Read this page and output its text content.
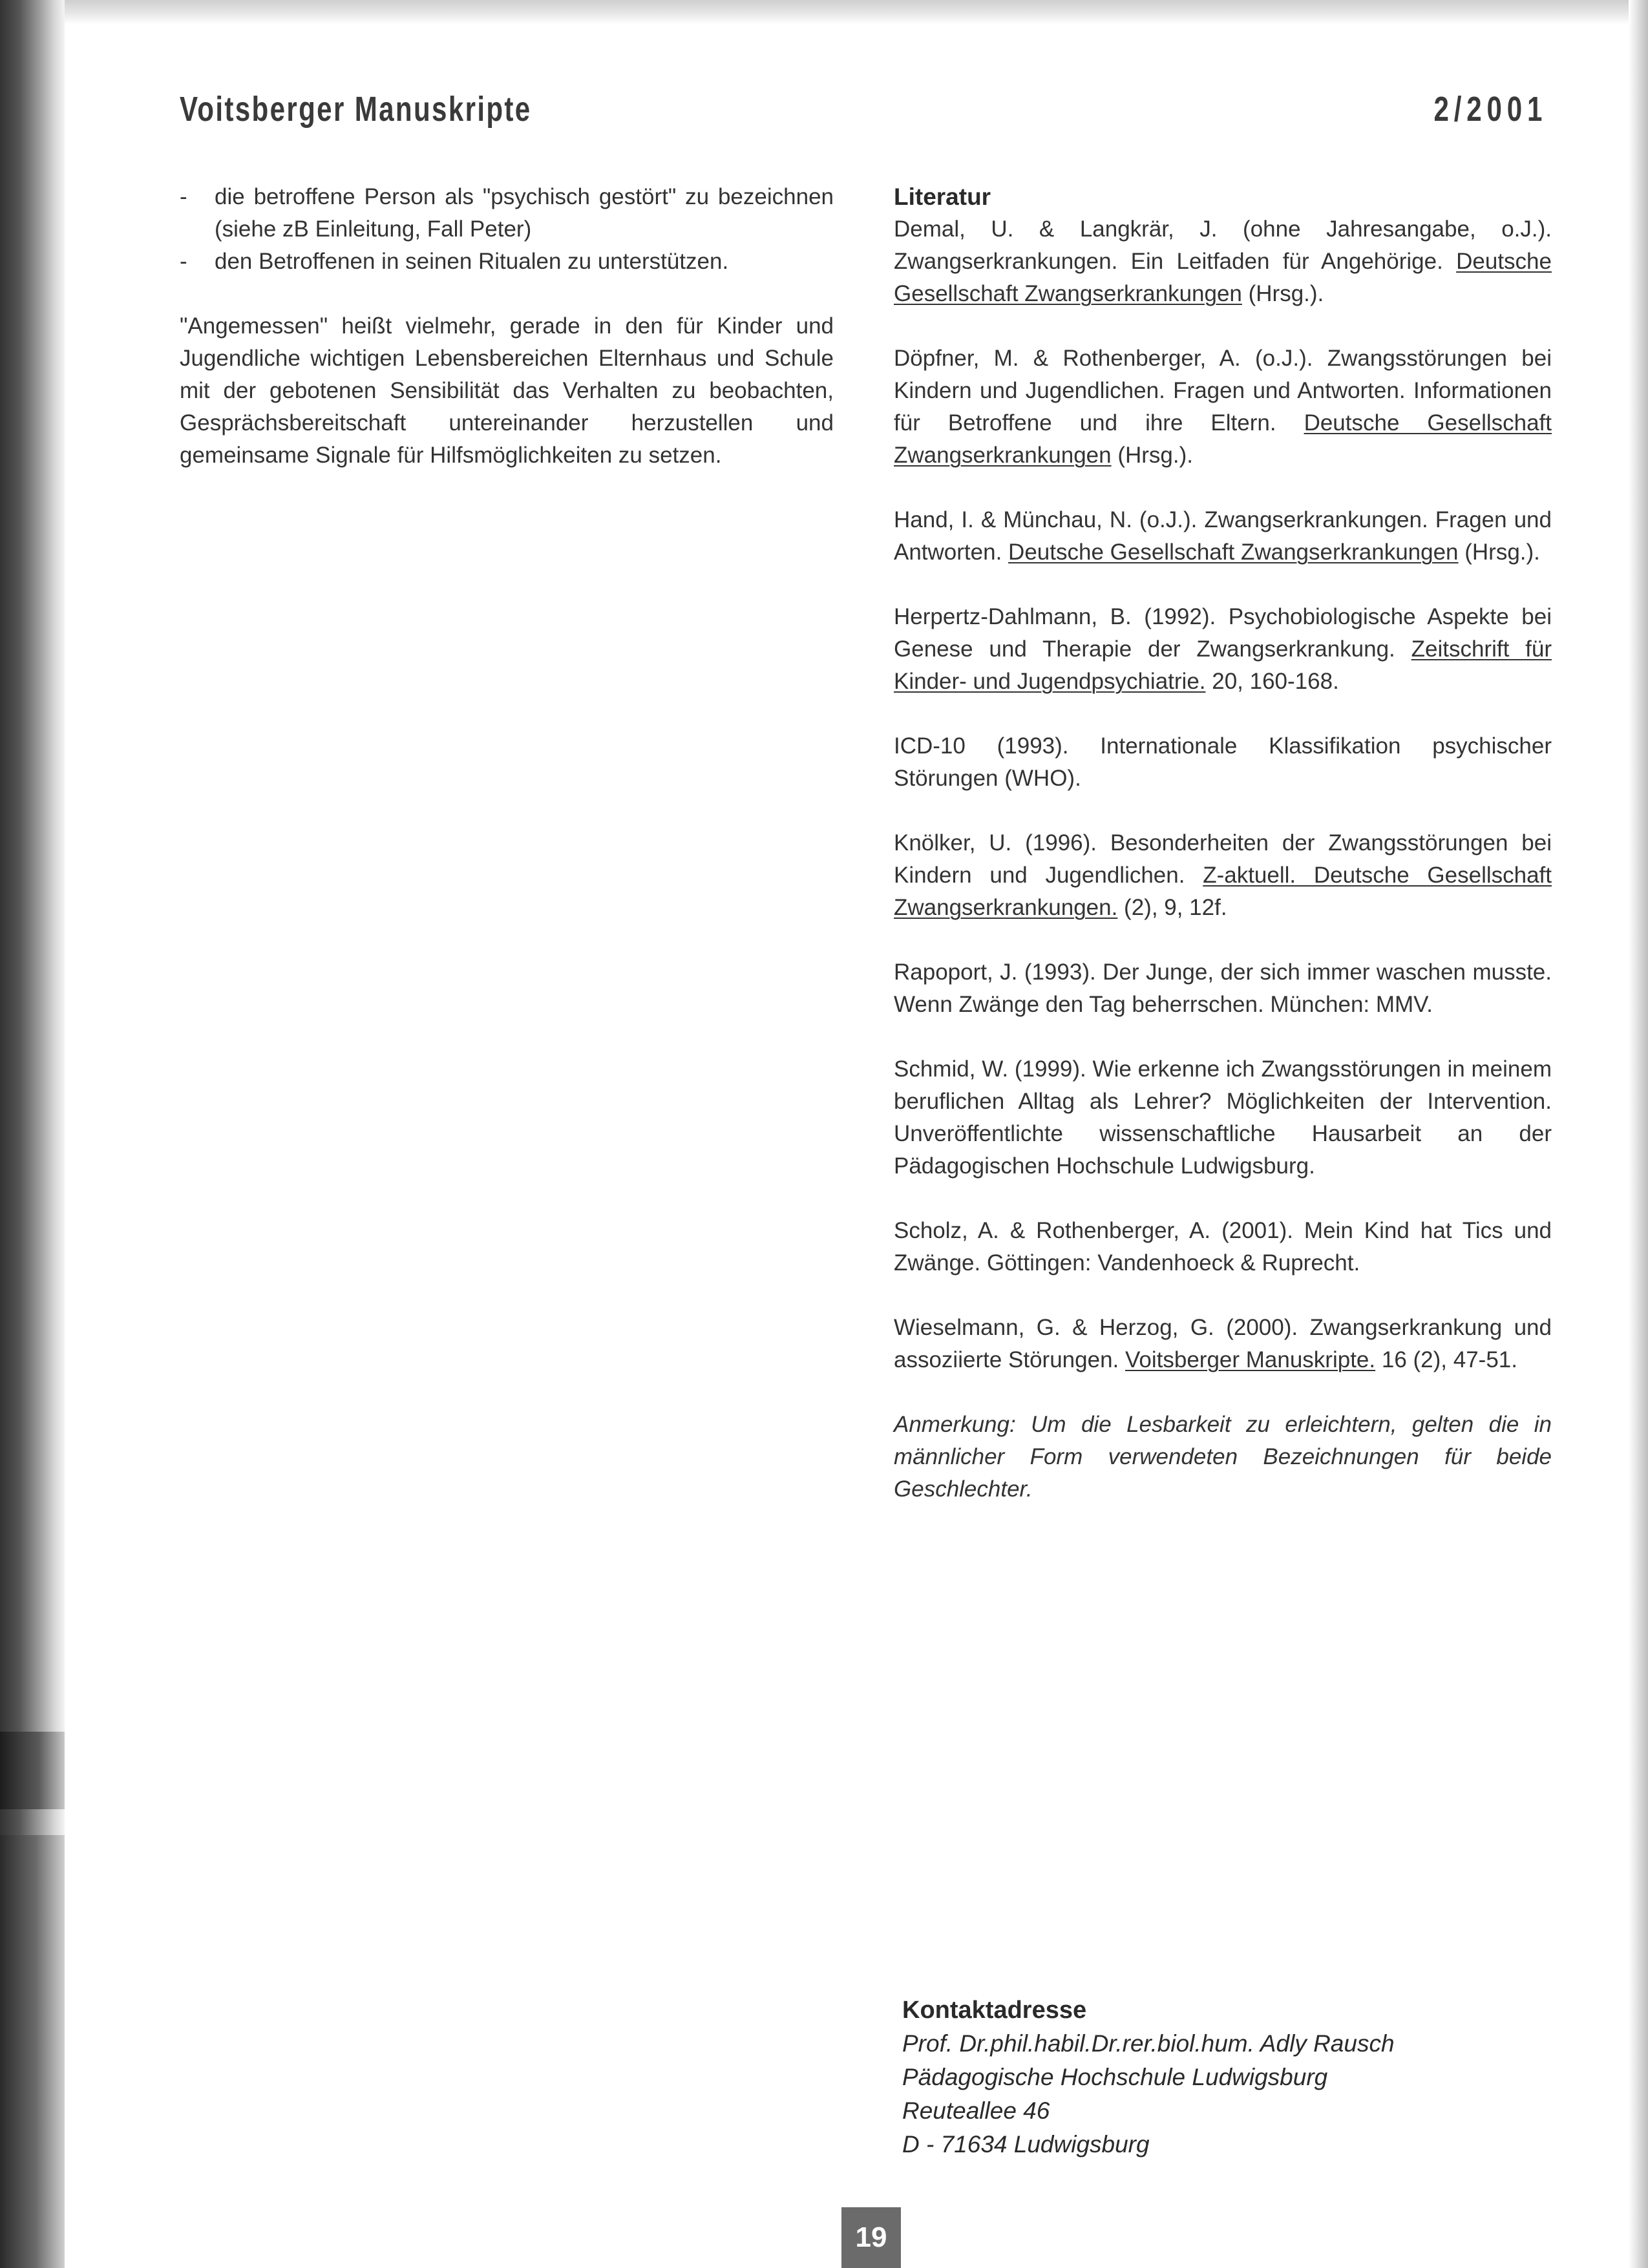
Voitsberger Manuskripte	2/2001

- die betroffene Person als "psychisch gestört" zu bezeichnen (siehe zB Einleitung, Fall Peter)

- den Betroffenen in seinen Ritualen zu unterstützen.

"Angemessen" heißt vielmehr, gerade in den für Kinder und Jugendliche wichtigen Lebensbereichen Elternhaus und Schule mit der gebotenen Sensibilität das Verhalten zu beobachten, Gesprächsbereitschaft untereinander herzustellen und gemeinsame Signale für Hilfsmöglichkeiten zu setzen.

Literatur

Demal, U. & Langkrär, J. (ohne Jahresangabe, o.J.). Zwangserkrankungen. Ein Leitfaden für Angehörige. Deutsche Gesellschaft Zwangserkrankungen (Hrsg.).

Döpfner, M. & Rothenberger, A. (o.J.). Zwangsstörungen bei Kindern und Jugendlichen. Fragen und Antworten. Informationen für Betroffene und ihre Eltern. Deutsche Gesellschaft Zwangserkrankungen (Hrsg.).

Hand, I. & Münchau, N. (o.J.). Zwangserkrankungen. Fragen und Antworten. Deutsche Gesellschaft Zwangserkrankungen (Hrsg.).

Herpertz-Dahlmann, B. (1992). Psychobiologische Aspekte bei Genese und Therapie der Zwangserkrankung. Zeitschrift für Kinder- und Jugendpsychiatrie. 20, 160-168.

ICD-10 (1993). Internationale Klassifikation psychischer Störungen (WHO).

Knölker, U. (1996). Besonderheiten der Zwangsstörungen bei Kindern und Jugendlichen. Z-aktuell. Deutsche Gesellschaft Zwangserkrankungen. (2), 9, 12f.

Rapoport, J. (1993). Der Junge, der sich immer waschen musste. Wenn Zwänge den Tag beherrschen. München: MMV.

Schmid, W. (1999). Wie erkenne ich Zwangsstörungen in meinem beruflichen Alltag als Lehrer? Möglichkeiten der Intervention. Unveröffentlichte wissenschaftliche Hausarbeit an der Pädagogischen Hochschule Ludwigsburg.

Scholz, A. & Rothenberger, A. (2001). Mein Kind hat Tics und Zwänge. Göttingen: Vandenhoeck & Ruprecht.

Wieselmann, G. & Herzog, G. (2000). Zwangserkrankung und assoziierte Störungen. Voitsberger Manuskripte. 16 (2), 47-51.

Anmerkung: Um die Lesbarkeit zu erleichtern, gelten die in männlicher Form verwendeten Bezeichnungen für beide Geschlechter.

Kontaktadresse
Prof. Dr.phil.habil.Dr.rer.biol.hum. Adly Rausch
Pädagogische Hochschule Ludwigsburg
Reuteallee 46
D - 71634 Ludwigsburg
19
